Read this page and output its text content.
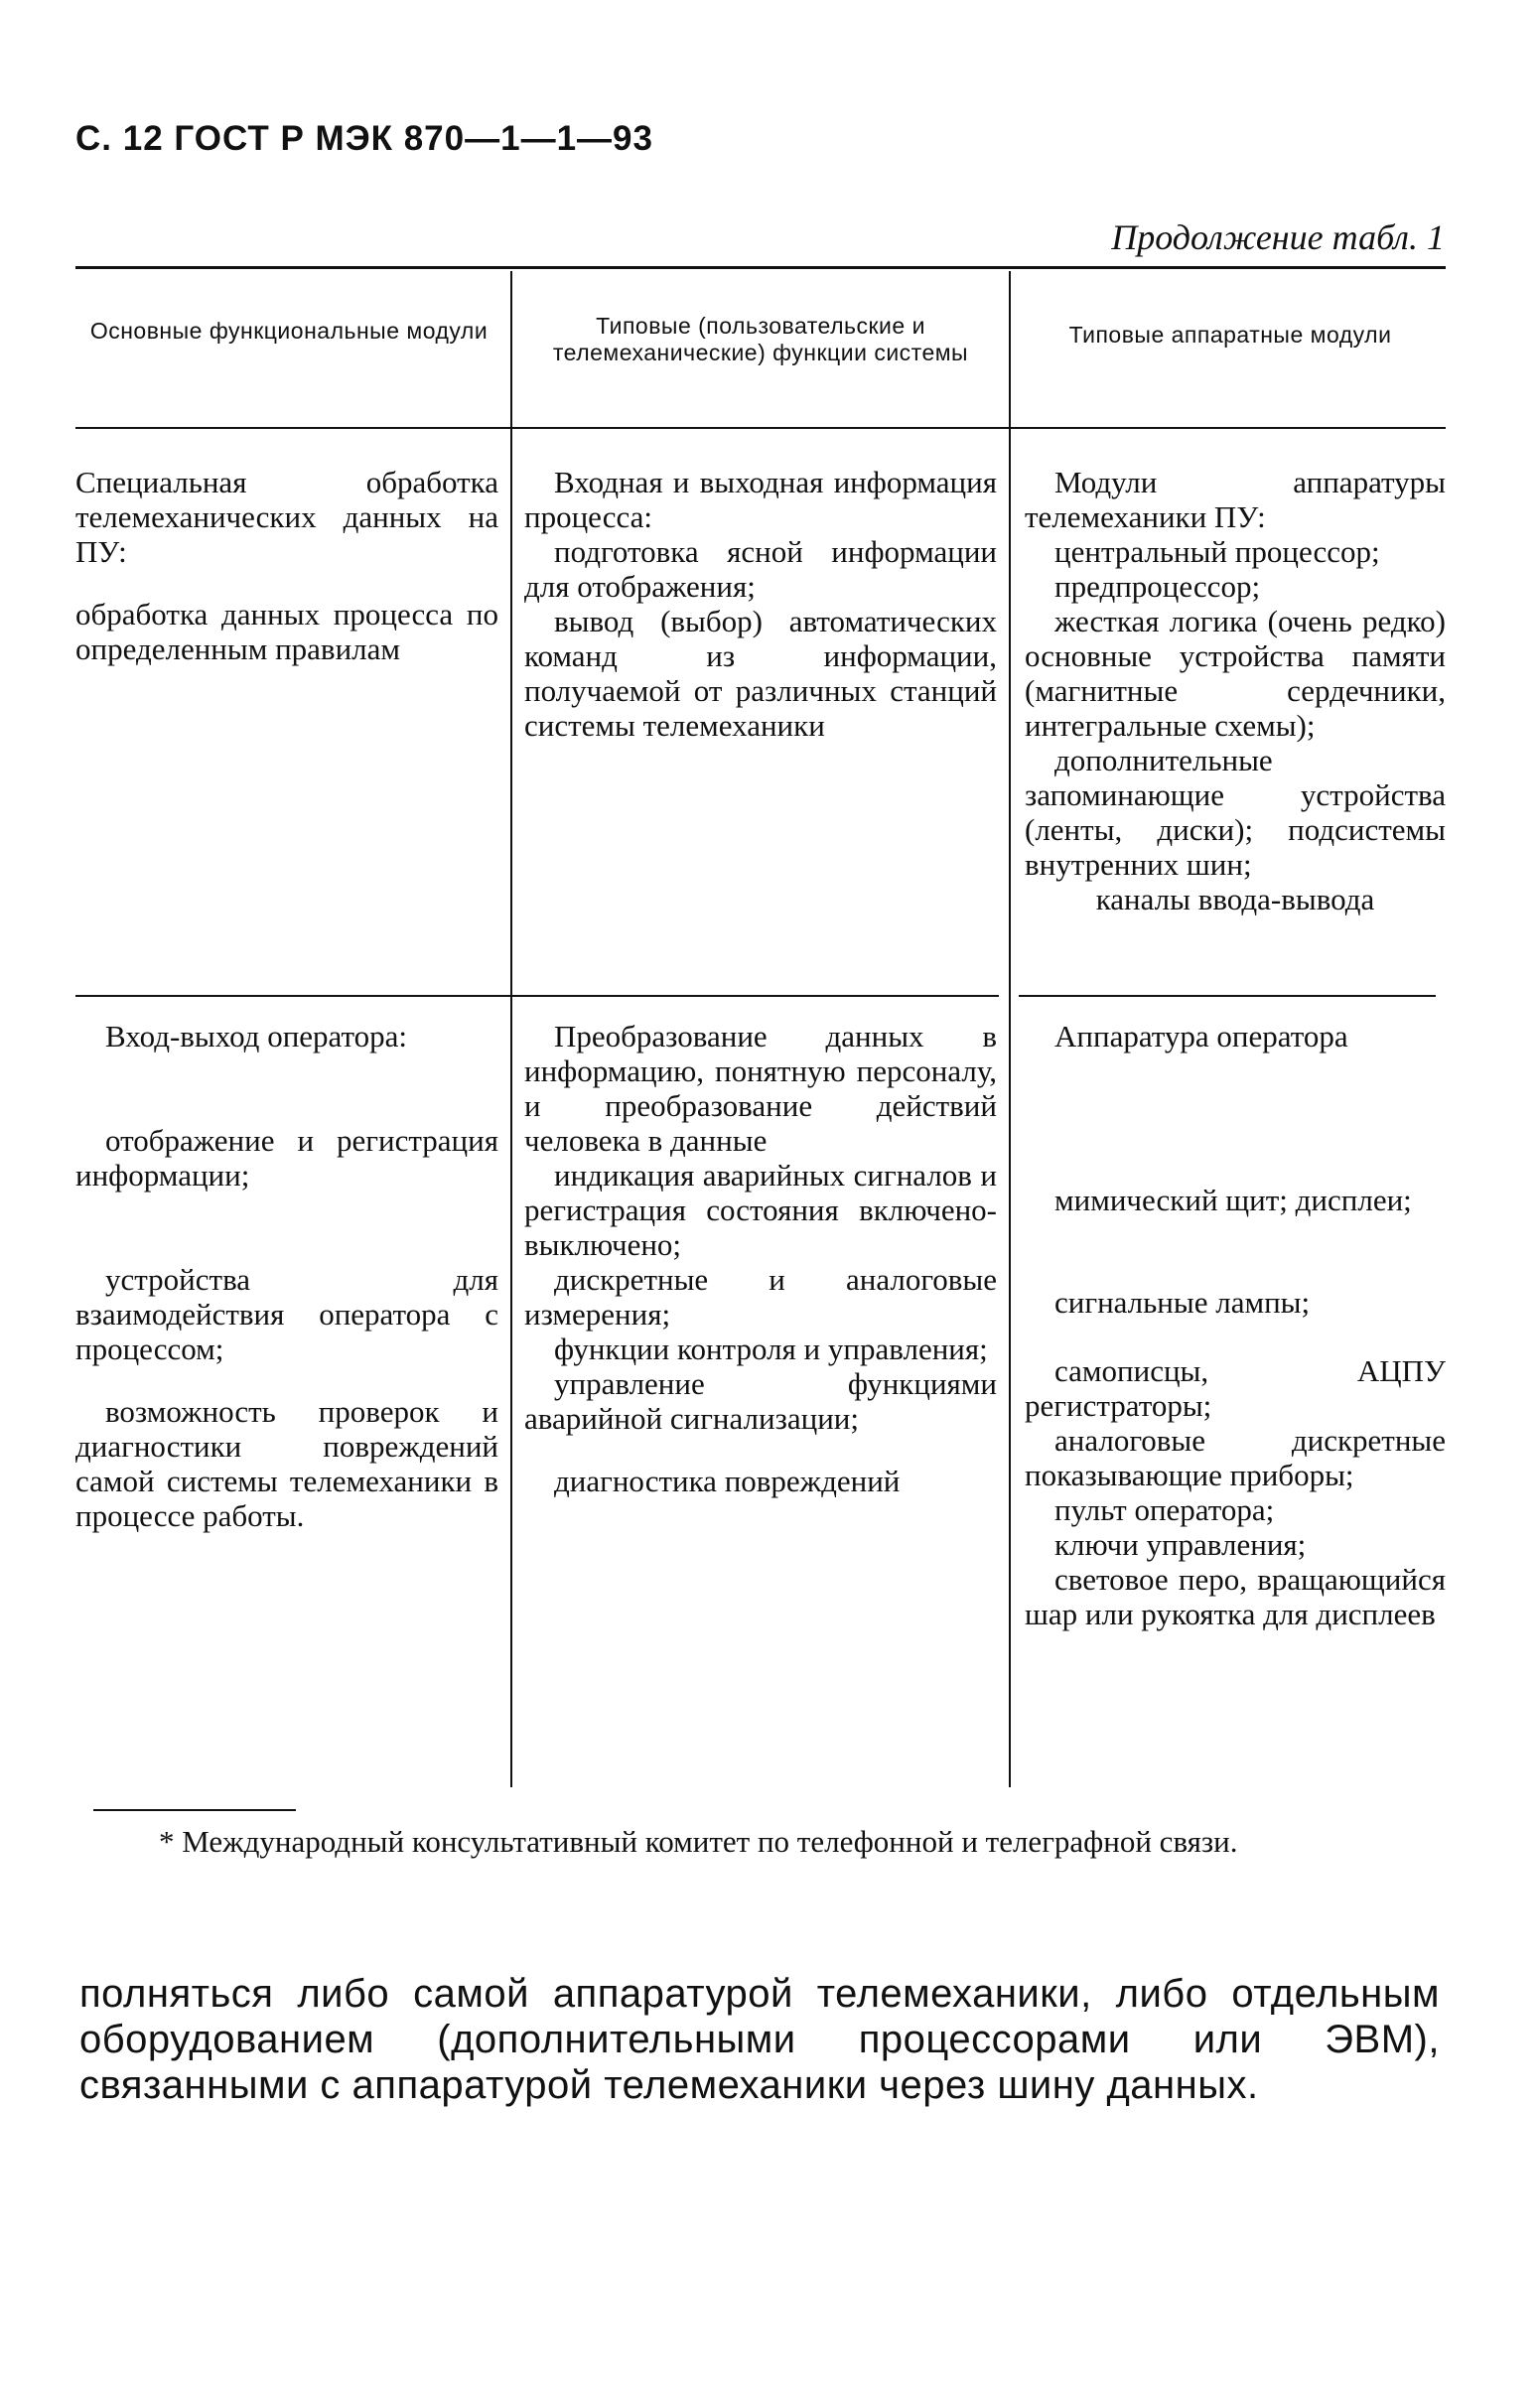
С. 12 ГОСТ Р МЭК 870—1—1—93
Продолжение табл. 1
Основные функциональные модули	Типовые (пользовательские и телемеханические) функции системы
Типовые аппаратные модули

Специальная обработка телемеханических данных на ПУ:

обработка данных процесса по определенным правилам

Входная и выходная информация процесса:

подготовка ясной информации для отображения;

вывод (выбор) автоматических команд из информации, получаемой от различных станций системы телемеханики

Модули аппаратуры телемеханики ПУ:

центральный процессор;

предпроцессор;

жесткая логика (очень редко) основные устройства памяти (магнитные сердечники, интегральные схемы);

дополнительные запоминающие устройства (ленты, диски); подсистемы внутренних шин;

каналы ввода-вывода

Вход-выход оператора:

отображение и регистрация информации;

устройства для взаимодействия оператора с процессом;

возможность проверок и диагностики повреждений самой системы телемеханики в процессе работы.

Преобразование данных в информацию, понятную персоналу, и преобразование действий человека в данные

индикация аварийных сигналов и регистрация состояния включено-выключено;

дискретные и аналоговые измерения;

функции контроля и управления;

управление функциями аварийной сигнализации;

диагностика повреждений

Аппаратура оператора

мимический щит; дисплеи;

сигнальные лампы;

самописцы, АЦПУ регистраторы;

аналоговые дискретные показывающие приборы;

пульт оператора;

ключи управления;

световое перо, вращающийся шар или рукоятка для дисплеев

* Международный консультативный комитет по телефонной и телеграфной связи.
полняться либо самой аппаратурой телемеханики, либо отдельным оборудованием (дополнительными процессорами или ЭВМ), связанными с аппаратурой телемеханики через шину данных.
